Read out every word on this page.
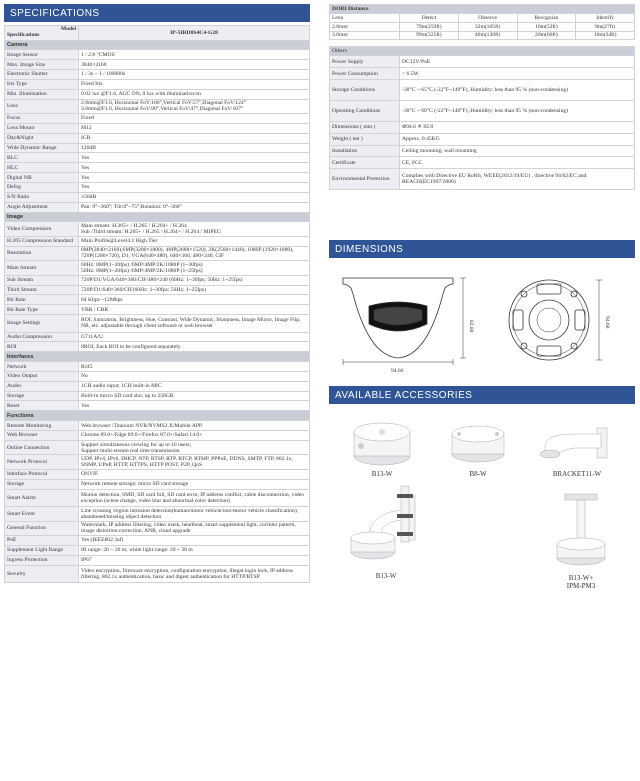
SPECIFICATIONS
Model
Specifications	IP-5IRD8S4C4-G28
Camera	
Image Sensor	1 / 2.8 "CMOS
Max. Image Size	3840×2160
Electronic Shutter	1 / 3s ~ 1 / 100000s
Iris Type	Fixed Iris
Min. Illumination	0.02 lux @F1.6, AGC ON, 0 lux with illumination on
Lens	2.8mm@F1.6, Horizontal FoV:106°,Vertical FoV:57°,Diagonal FoV:124°
3.6mm@F1.6, Horizontal FoV:90°,Vertical FoV:47°,Diagonal FoV:107°
Focus	Fixed
Lens Mount	M12
Day&Night	ICR
Wide Dynamic Range	120dB
BLC	Yes
HLC	Yes
Digital NR	Yes
Defog	Yes
S/N Ratio	≥56dB
Angle Adjustment	Pan: 0°~360°; Tilt:0°~75°;Rotation: 0°~360°
Image	
Video Compression	Main stream: H.265+ / H.265 / H.264+ / H.264
Sub /Third stream: H.265+ / H.265 / H.264+ / H.264 / MJPEG
H.265 Compression Standard	Main Profile@Level4.1 High Tier
Resolution	8MP(3840×2160),6MP(3200×1800), 4MP(2688×1520), 2K(2560×1440), 1080P (1920×1080), 720P(1280×720), D1, VGA(640×480), 640×360, 480×240, CIF
Main Stream	60Hz: 8MP(1~20fps) /6MP/4MP/2K/1080P (1~30fps)
50Hz: 8MP(1~20fps) /6MP/4MP/2K/1080P (1~25fps)
Sub Stream	720P/D1/VGA/640×360/CIF/480×240 (60Hz: 1~30fps; 50Hz: 1~25fps)
Third Stream	720P/D1/640×360/CIF(60Hz: 1~30fps; 50Hz: 1~25fps)
Bit Rate	64 Kbps ~12Mbps
Bit Rate Type	VBR / CBR
Image Settings	ROI, Saturation, Brightness, Hue, Contrast, Wide Dynamic, Sharpness, Image Mirror, Image Flip, NR, etc. adjustable through client software or web browser
Audio Compression	G711A/U
ROI	8ROI, Each ROI to be configured separately
Interfaces	
Network	RJ45
Video Output	No
Audio	1CH audio input; 1CH built-in MIC
Storage	Built-in micro SD card slot, up to 256GB
Reset	Yes
Functions	
Remote Monitoring	Web browser /Titanium NVR/NVMS2.X/Mobile APP
Web Browser	Chrome 89.0+/Edge 89.0+/Firefox 87.0+/Safari 14.0+
Online Connection	Support simultaneous viewing for up to 10 users;
Support multi-stream real time transmission
Network Protocol	UDP, IPv4, IPv6, DHCP, NTP, RTSP, RTP, RTCP, RTMP, PPPoE, DDNS, SMTP, FTP, 802.1x, SNMP, UPnP, HTTP, HTTPS, HTTP POST, P2P, QoS
Interface Protocol	ONVIF
Storage	Network remote storage; micro SD card storage
Smart Alarm	Motion detection, SMD, SD card full, SD card error, IP address conflict, cable disconnection, video exception (scene change, video blur and abnormal color detection)
Smart Event	Line crossing /region intrusion detection(human/motor vehicle/non-motor vehicle classification), abandoned/missing object detection
General Function	Watermark, IP address filtering, video mask, heartbeat, smart supplement light, corridor pattern, image distortion correction, ANR, cloud upgrade
PoE	Yes (IEEE802.3af)
Supplement Light Range	IR range: 20 ~ 30 m; white light range: 20 ~ 30 m
Ingress Protection	IP67
Security	Video encryption, firmware encryption, configuration encryption, illegal login lock, IP address filtering, 802.1x authentication, basic and digest authentication for HTTP/RTSP
DORI Distance				
Lens	Detect	Observe	Recognize	Identify
2.8mm	79m(259ft)	32m(105ft)	16m(52ft)	8m(27ft)
3.6mm	99m(325ft)	40m(130ft)	20m(66ft)	10m(34ft)
Others	
Power Supply	DC12V/PoE
Power Consumption	< 6.5W
Storage Conditions	-30°C ~ 65°C (-22°F~149°F), Humidity: less than 95 % (non-condensing)
Operating Conditions	-30°C ~ 60°C (-22°F~140°F), Humidity: less than 95 % (non-condensing)
Dimensions ( mm )	Φ94.6 ✕ 82.8
Weight ( net )	Approx. 0.45KG
Installation	Ceiling mounting; wall mounting
Certificate	CE, FCC
Environmental Protection	Complies with Directive EU RoHS, WEEE(2012/19/EU) , directive 94/62/EC and REACH(EC1907/2006)
DIMENSIONS
94.60
82.80	94.60
AVAILABLE ACCESSORIES
B13-W	B8-W	BRACKET11-W
B13-W	B13-W+
IPM-PM3
